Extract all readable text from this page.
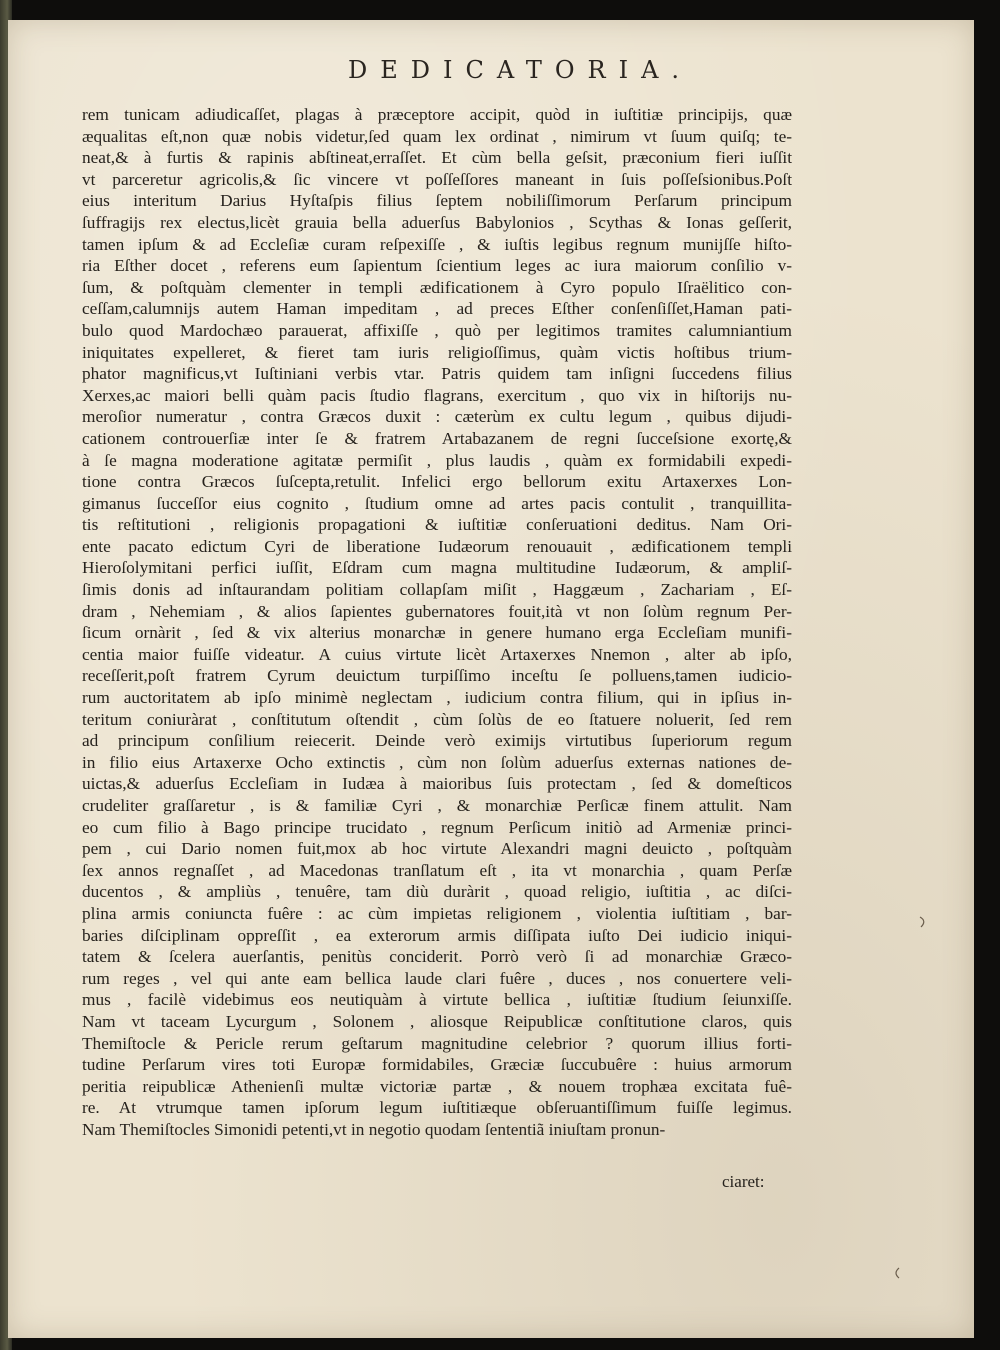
DEDICATORIA.
rem tunicam adiudicaſſet, plagas à præceptore accipit, quòd in iuſtitiæ principijs, quæ
æqualitas eſt,non quæ nobis videtur,ſed quam lex ordinat , nimirum vt ſuum quiſq; te-
neat,& à furtis & rapinis abſtineat,erraſſet. Et cùm bella geſsit, præconium fieri iuſſit
vt parceretur agricolis,& ſic vincere vt poſſeſſores maneant in ſuis poſſeſsionibus.Poſt
eius interitum Darius Hyſtaſpis filius ſeptem nobiliſſimorum Perſarum principum
ſuffragijs rex electus,licèt grauia bella aduerſus Babylonios , Scythas & Ionas geſſerit,
tamen ipſum & ad Eccleſiæ curam reſpexiſſe , & iuſtis legibus regnum munijſſe hiſto-
ria Eſther docet , referens eum ſapientum ſcientium leges ac iura maiorum conſilio v-
ſum, & poſtquàm clementer in templi ædificationem à Cyro populo Iſraëlitico con-
ceſſam,calumnijs autem Haman impeditam , ad preces Eſther conſenſiſſet,Haman pati-
bulo quod Mardochæo parauerat, affixiſſe , quò per legitimos tramites calumniantium
iniquitates expelleret, & fieret tam iuris religioſſimus, quàm victis hoſtibus trium-
phator magnificus,vt Iuſtiniani verbis vtar. Patris quidem tam inſigni ſuccedens filius
Xerxes,ac maiori belli quàm pacis ſtudio flagrans, exercitum , quo vix in hiſtorijs nu-
meroſior numeratur , contra Græcos duxit : cæterùm ex cultu legum , quibus dijudi-
cationem controuerſiæ inter ſe & fratrem Artabazanem de regni ſucceſsione exortę,&
à ſe magna moderatione agitatæ permiſit , plus laudis , quàm ex formidabili expedi-
tione contra Græcos ſuſcepta,retulit. Infelici ergo bellorum exitu Artaxerxes Lon-
gimanus ſucceſſor eius cognito , ſtudium omne ad artes pacis contulit , tranquillita-
tis reſtitutioni , religionis propagationi & iuſtitiæ conſeruationi deditus. Nam Ori-
ente pacato edictum Cyri de liberatione Iudæorum renouauit , ædificationem templi
Hieroſolymitani perfici iuſſit, Eſdram cum magna multitudine Iudæorum, & ampliſ-
ſimis donis ad inſtaurandam politiam collapſam miſit , Haggæum , Zachariam , Eſ-
dram , Nehemiam , & alios ſapientes gubernatores fouit,ità vt non ſolùm regnum Per-
ſicum ornàrit , ſed & vix alterius monarchæ in genere humano erga Eccleſiam munifi-
centia maior fuiſſe videatur. A cuius virtute licèt Artaxerxes Nnemon , alter ab ipſo,
receſſerit,poſt fratrem Cyrum deuictum turpiſſimo inceſtu ſe polluens,tamen iudicio-
rum auctoritatem ab ipſo minimè neglectam , iudicium contra filium, qui in ipſius in-
teritum coniuràrat , conſtitutum oſtendit , cùm ſolùs de eo ſtatuere noluerit, ſed rem
ad principum conſilium reiecerit. Deinde verò eximijs virtutibus ſuperiorum regum
in filio eius Artaxerxe Ocho extinctis , cùm non ſolùm aduerſus externas nationes de-
uictas,& aduerſus Eccleſiam in Iudæa à maioribus ſuis protectam , ſed & domeſticos
crudeliter graſſaretur , is & familiæ Cyri , & monarchiæ Perſicæ finem attulit. Nam
eo cum filio à Bago principe trucidato , regnum Perſicum initiò ad Armeniæ princi-
pem , cui Dario nomen fuit,mox ab hoc virtute Alexandri magni deuicto , poſtquàm
ſex annos regnaſſet , ad Macedonas tranſlatum eſt , ita vt monarchia , quam Perſæ
ducentos , & ampliùs , tenuêre, tam diù duràrit , quoad religio, iuſtitia , ac diſci-
plina armis coniuncta fuêre : ac cùm impietas religionem , violentia iuſtitiam , bar-
baries diſciplinam oppreſſit , ea exterorum armis diſſipata iuſto Dei iudicio iniqui-
tatem & ſcelera auerſantis, penitùs conciderit. Porrò verò ſi ad monarchiæ Græco-
rum reges , vel qui ante eam bellica laude clari fuêre , duces , nos conuertere veli-
mus , facilè videbimus eos neutiquàm à virtute bellica , iuſtitiæ ſtudium ſeiunxiſſe.
Nam vt taceam Lycurgum , Solonem , aliosque Reipublicæ conſtitutione claros, quis
Themiſtocle & Pericle rerum geſtarum magnitudine celebrior ? quorum illius forti-
tudine Perſarum vires toti Europæ formidabiles, Græciæ ſuccubuêre : huius armorum
peritia reipublicæ Athenienſi multæ victoriæ partæ , & nouem trophæa excitata fuê-
re. At vtrumque tamen ipſorum legum iuſtitiæque obſeruantiſſimum fuiſſe legimus.
Nam Themiſtocles Simonidi petenti,vt in negotio quodam ſententiã iniuſtam pronun-
ciaret:
